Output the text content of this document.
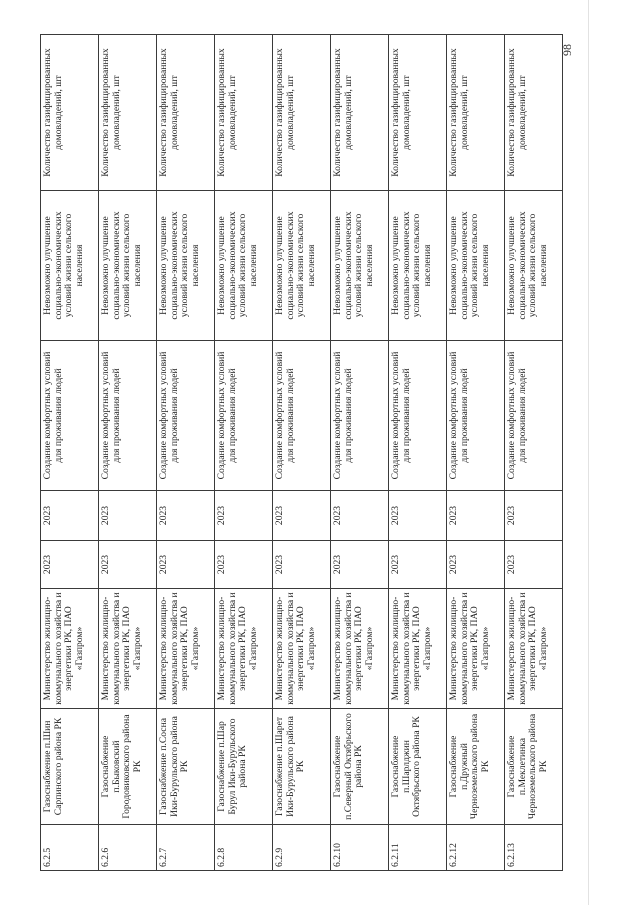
6.2.5	Газоснабжение п.Шин Сарпинского района РК	Министерство жилищно-коммунального хозяйства и энергетики РК, ПАО «Газпром»	2023	2023	Создание комфортных условий для проживания людей	Невозможно улучшение социально-экономических условий жизни сельского населения	Количество газифицированных домовладений, шт
6.2.6	Газоснабжение п.Быковский Городовиковского района РК	Министерство жилищно-коммунального хозяйства и энергетики РК, ПАО «Газпром»	2023	2023	Создание комфортных условий для проживания людей	Невозможно улучшение социально-экономических условий жизни сельского населения	Количество газифицированных домовладений, шт
6.2.7	Газоснабжение п.Сосна Ики-Бурульского района РК	Министерство жилищно-коммунального хозяйства и энергетики РК, ПАО «Газпром»	2023	2023	Создание комфортных условий для проживания людей	Невозможно улучшение социально-экономических условий жизни сельского населения	Количество газифицированных домовладений, шт
6.2.8	Газоснабжение п.Шар Бурул Ики-Бурульского района РК	Министерство жилищно-коммунального хозяйства и энергетики РК, ПАО «Газпром»	2023	2023	Создание комфортных условий для проживания людей	Невозможно улучшение социально-экономических условий жизни сельского населения	Количество газифицированных домовладений, шт
6.2.9	Газоснабжение п.Шарет Ики-Бурульского района РК	Министерство жилищно-коммунального хозяйства и энергетики РК, ПАО «Газпром»	2023	2023	Создание комфортных условий для проживания людей	Невозможно улучшение социально-экономических условий жизни сельского населения	Количество газифицированных домовладений, шт
6.2.10	Газоснабжение п.Северный Октябрьского района РК	Министерство жилищно-коммунального хозяйства и энергетики РК, ПАО «Газпром»	2023	2023	Создание комфортных условий для проживания людей	Невозможно улучшение социально-экономических условий жизни сельского населения	Количество газифицированных домовладений, шт
6.2.11	Газоснабжение п.Шарлджин Октябрьского района РК	Министерство жилищно-коммунального хозяйства и энергетики РК, ПАО «Газпром»	2023	2023	Создание комфортных условий для проживания людей	Невозможно улучшение социально-экономических условий жизни сельского населения	Количество газифицированных домовладений, шт
6.2.12	Газоснабжение п.Дружный Черноземельского района РК	Министерство жилищно-коммунального хозяйства и энергетики РК, ПАО «Газпром»	2023	2023	Создание комфортных условий для проживания людей	Невозможно улучшение социально-экономических условий жизни сельского населения	Количество газифицированных домовладений, шт
6.2.13	Газоснабжение п.Меклетинка Черноземельского района РК	Министерство жилищно-коммунального хозяйства и энергетики РК, ПАО «Газпром»	2023	2023	Создание комфортных условий для проживания людей	Невозможно улучшение социально-экономических условий жизни сельского населения	Количество газифицированных домовладений, шт
98
